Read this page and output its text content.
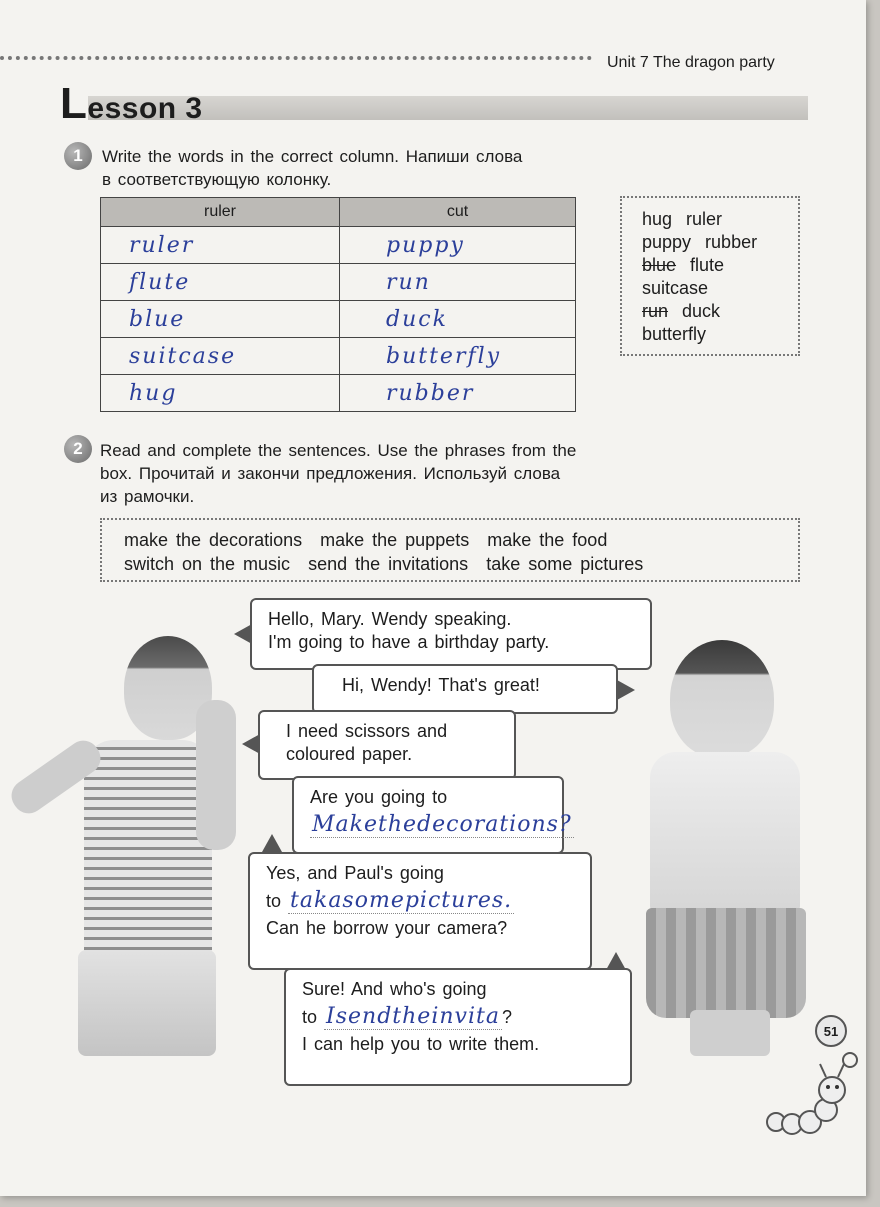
Unit 7 The dragon party
Lesson 3
1	Write the words in the correct column. Напиши слова
в соответствующую колонку.
ruler	cut
ruler	puppy
flute	run
blue	duck
suitcase	butterfly
hug	rubber
hug ruler
puppy rubber
blue flute
suitcase
run duck
butterfly
2	Read and complete the sentences. Use the phrases from the
box. Прочитай и закончи предложения. Используй слова
из рамочки.
make the decorations make the puppets make the food
switch on the music send the invitations take some pictures
Hello, Mary. Wendy speaking.
I'm going to have a birthday party.
Hi, Wendy! That's great!
I need scissors and
coloured paper.
Are you going to
Makethedecorations?
Yes, and Paul's going
to takasomepictures.
Can he borrow your camera?
Sure! And who's going
to Isendtheinvita ?
I can help you to write them.
51
